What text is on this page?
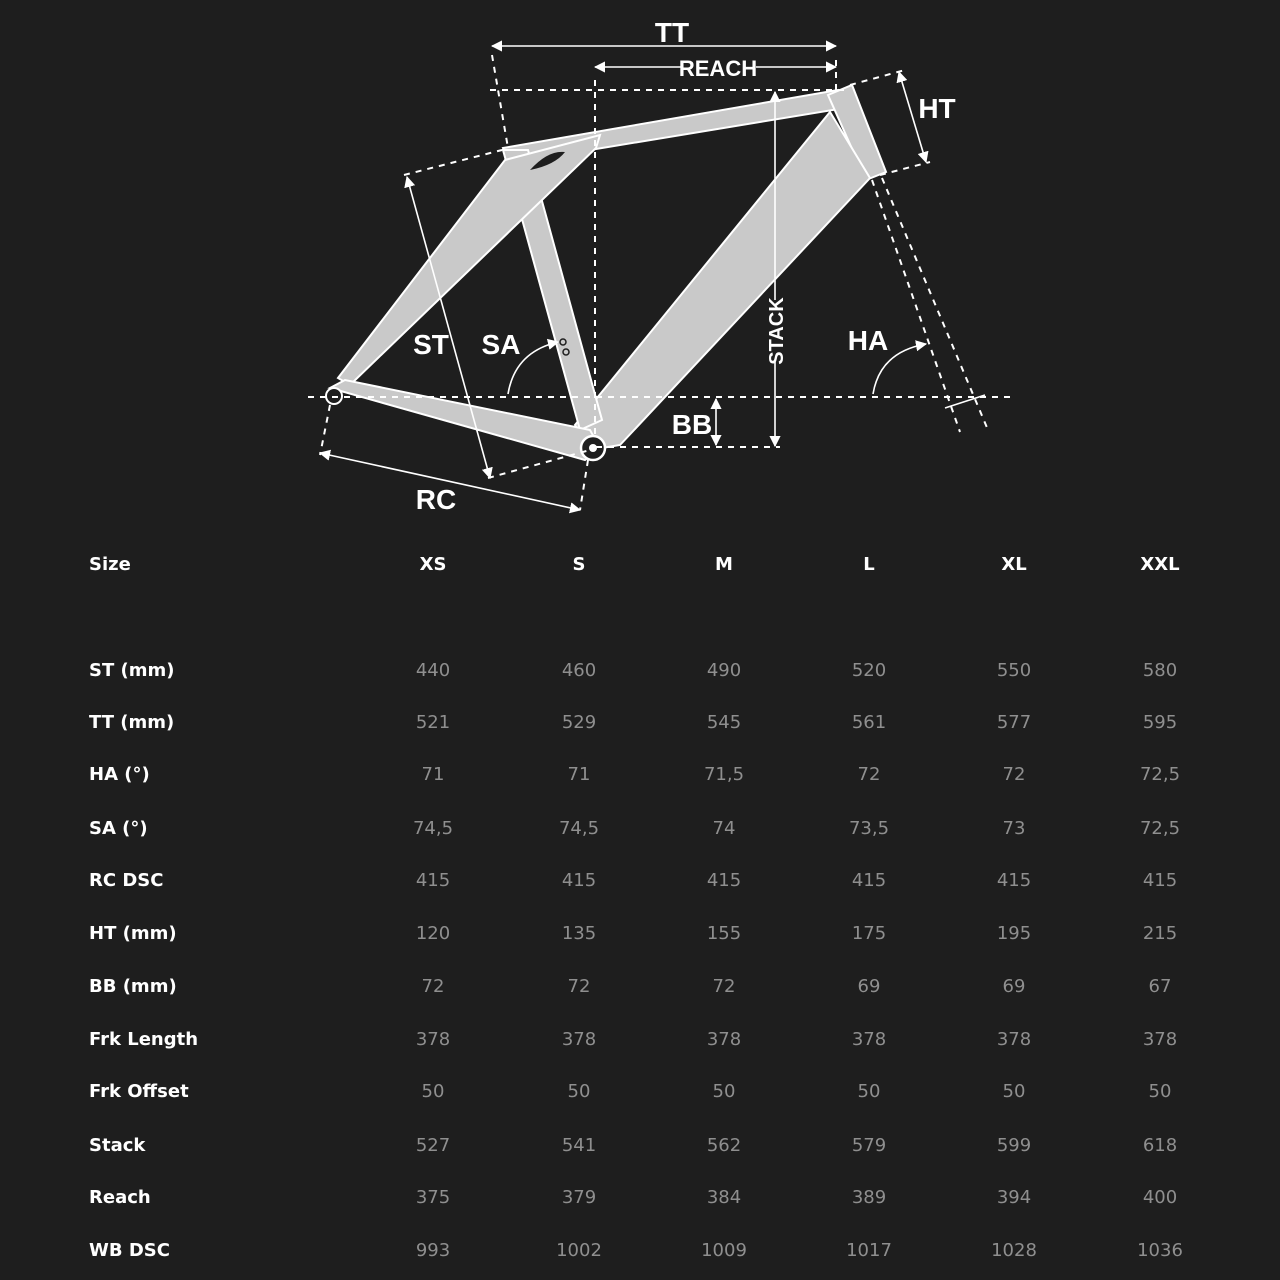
TT
REACH
HT
ST SA	STACK HA
BB
RC
Size	XS	S	M	L	XL	XXL
ST (mm)	440	460	490	520	550	580
TT (mm)	521	529	545	561	577	595
HA (°)	71	71	71,5	72	72	72,5
SA (°)	74,5	74,5	74	73,5	73	72,5
RC DSC	415	415	415	415	415	415
HT (mm)	120	135	155	175	195	215
BB (mm)	72	72	72	69	69	67
Frk Length	378	378	378	378	378	378
Frk Offset	50	50	50	50	50	50
Stack	527	541	562	579	599	618
Reach	375	379	384	389	394	400
WB DSC	993	1002	1009	1017	1028	1036
